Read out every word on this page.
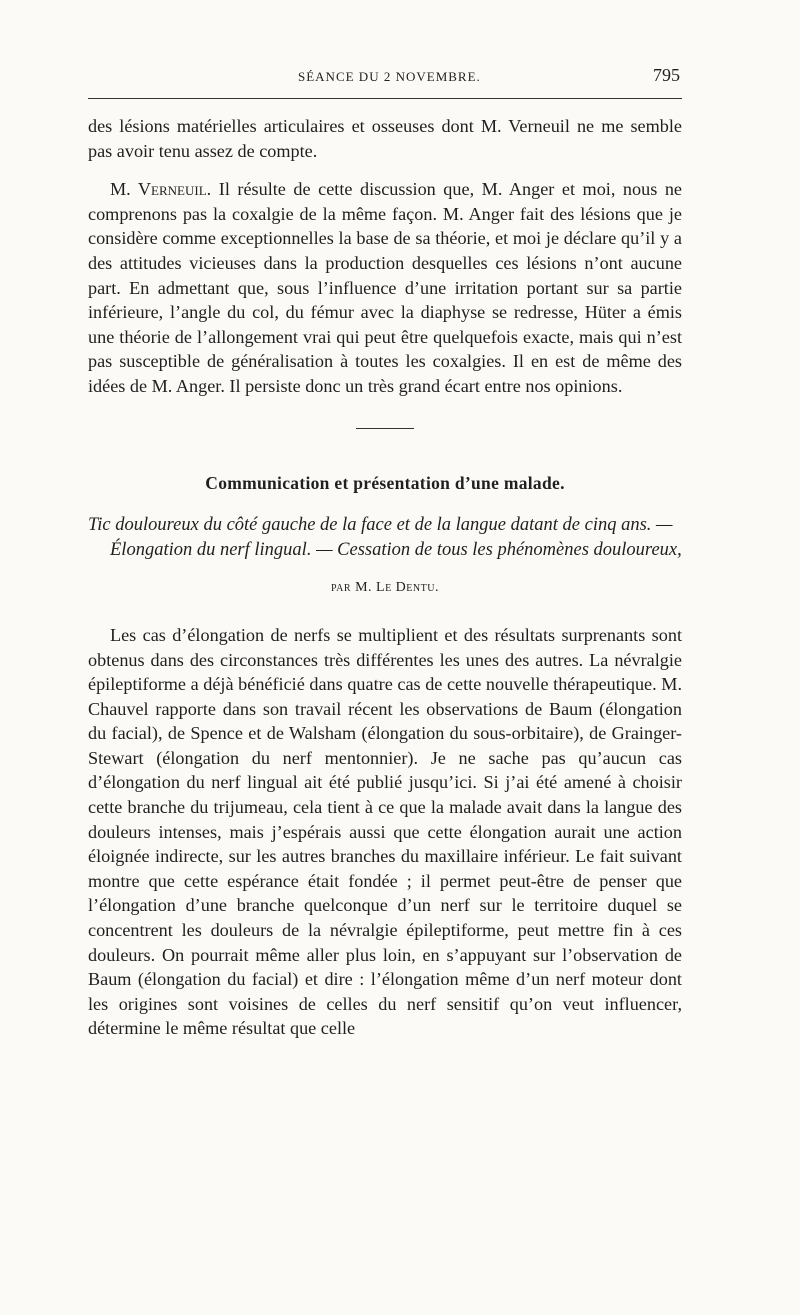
SÉANCE DU 2 NOVEMBRE.	795

des lésions matérielles articulaires et osseuses dont M. Verneuil ne me semble pas avoir tenu assez de compte.

M. Verneuil. Il résulte de cette discussion que, M. Anger et moi, nous ne comprenons pas la coxalgie de la même façon. M. Anger fait des lésions que je considère comme exceptionnelles la base de sa théorie, et moi je déclare qu’il y a des attitudes vicieuses dans la production desquelles ces lésions n’ont aucune part. En admettant que, sous l’influence d’une irritation portant sur sa partie inférieure, l’angle du col, du fémur avec la diaphyse se redresse, Hüter a émis une théorie de l’allongement vrai qui peut être quelquefois exacte, mais qui n’est pas susceptible de généralisation à toutes les coxalgies. Il en est de même des idées de M. Anger. Il persiste donc un très grand écart entre nos opinions.

Communication et présentation d’une malade.

Tic douloureux du côté gauche de la face et de la langue datant de cinq ans. — Élongation du nerf lingual. — Cessation de tous les phénomènes douloureux,

par M. Le Dentu.

Les cas d’élongation de nerfs se multiplient et des résultats surprenants sont obtenus dans des circonstances très différentes les unes des autres. La névralgie épileptiforme a déjà bénéficié dans quatre cas de cette nouvelle thérapeutique. M. Chauvel rapporte dans son travail récent les observations de Baum (élongation du facial), de Spence et de Walsham (élongation du sous-orbitaire), de Grainger-Stewart (élongation du nerf mentonnier). Je ne sache pas qu’aucun cas d’élongation du nerf lingual ait été publié jusqu’ici. Si j’ai été amené à choisir cette branche du trijumeau, cela tient à ce que la malade avait dans la langue des douleurs intenses, mais j’espérais aussi que cette élongation aurait une action éloignée indirecte, sur les autres branches du maxillaire inférieur. Le fait suivant montre que cette espérance était fondée ; il permet peut-être de penser que l’élongation d’une branche quelconque d’un nerf sur le territoire duquel se concentrent les douleurs de la névralgie épileptiforme, peut mettre fin à ces douleurs. On pourrait même aller plus loin, en s’appuyant sur l’observation de Baum (élongation du facial) et dire : l’élongation même d’un nerf moteur dont les origines sont voisines de celles du nerf sensitif qu’on veut influencer, détermine le même résultat que celle
